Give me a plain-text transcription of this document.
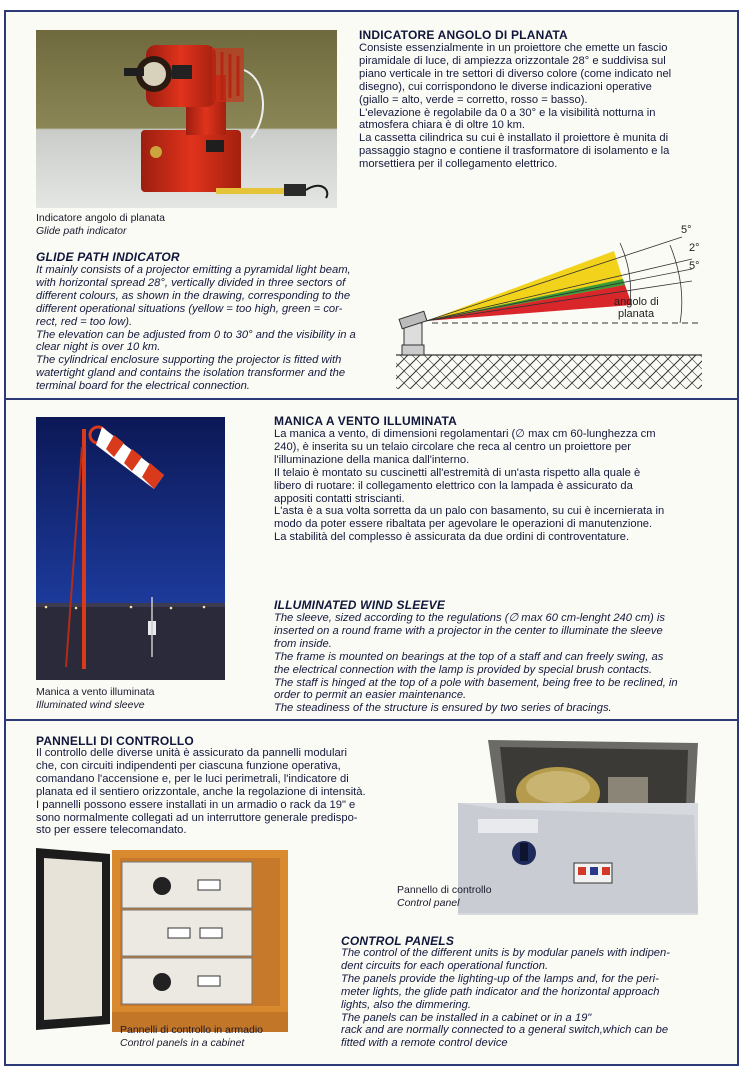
Indicatore angolo di planata
Glide path indicator
INDICATORE ANGOLO DI PLANATA
Consiste essenzialmente in un proiettore che emette un fascio
piramidale di luce, di ampiezza orizzontale 28° e suddivisa sul
piano verticale in tre settori di diverso colore (come indicato nel
disegno), cui corrispondono le diverse indicazioni operative
(giallo = alto, verde = corretto, rosso = basso).
L'elevazione è regolabile da 0 a 30° e la visibilità notturna in
atmosfera chiara è di oltre 10 km.
La cassetta cilindrica su cui è installato il proiettore è munita di
passaggio stagno e contiene il trasformatore di isolamento e la
morsettiera per il collegamento elettrico.
GLIDE PATH INDICATOR
It mainly consists of a projector emitting a pyramidal light beam,
with horizontal spread 28°, vertically divided in three sectors of
different colours, as shown in the drawing, corresponding to the
different operational situations (yellow = too high, green = cor-
rect, red = too low).
The elevation can be adjusted from 0 to 30° and the visibility in a
clear night is over 10 km.
The cylindrical enclosure supporting the projector is fitted with
watertight gland and contains the isolation transformer and the
terminal board for the electrical connection.
5°
2°
5°
angolo di
planata
Manica a vento illuminata
Illuminated wind sleeve
MANICA A VENTO ILLUMINATA
La manica a vento, di dimensioni regolamentari (∅ max cm 60-lunghezza cm
240), è inserita su un telaio circolare che reca al centro un proiettore per
l'illuminazione della manica dall'interno.
Il telaio è montato su cuscinetti all'estremità di un'asta rispetto alla quale è
libero di ruotare: il collegamento elettrico con la lampada è assicurato da
appositi contatti striscianti.
L'asta è a sua volta sorretta da un palo con basamento, su cui è incernierata in
modo da poter essere ribaltata per agevolare le operazioni di manutenzione.
La stabilità del complesso è assicurata da due ordini di controventature.
ILLUMINATED WIND SLEEVE
The sleeve, sized according to the regulations (∅ max 60 cm-lenght 240 cm) is
inserted on a round frame with a projector in the center to illuminate the sleeve
from inside.
The frame is mounted on bearings at the top of a staff and can freely swing, as
the electrical connection with the lamp is provided by special brush contacts.
The staff is hinged at the top of a pole with basement, being free to be reclined, in
order to permit an easier maintenance.
The steadiness of the structure is ensured by two series of bracings.
PANNELLI DI CONTROLLO
Il controllo delle diverse unità è assicurato da pannelli modulari
che, con circuiti indipendenti per ciascuna funzione operativa,
comandano l'accensione e, per le luci perimetrali, l'indicatore di
planata ed il sentiero orizzontale, anche la regolazione di intensità.
I pannelli possono essere installati in un armadio o rack da 19" e
sono normalmente collegati ad un interruttore generale predispo-
sto per essere telecomandato.
Pannello di controllo
Control panel
Pannelli di controllo in armadio
Control panels in a cabinet
CONTROL PANELS
The control of the different units is by modular panels with indipen-
dent circuits for each operational function.
The panels provide the lighting-up of the lamps and, for the peri-
meter lights, the glide path indicator and the horizontal approach
lights, also the dimmering.
The panels can be installed in a cabinet or in a 19"
rack and are normally connected to a general switch,which can be
fitted with a remote control device
